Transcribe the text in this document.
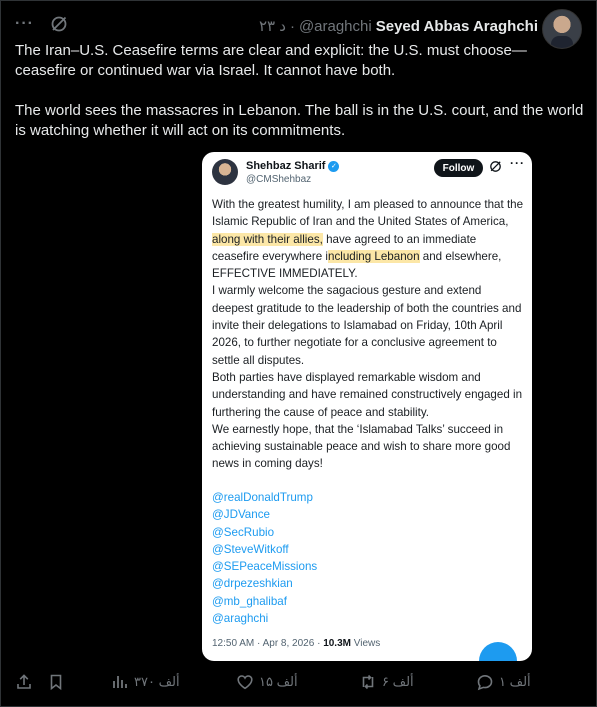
···	۲۳ د · @araghchi Seyed Abbas Araghchi

The Iran–U.S. Ceasefire terms are clear and explicit: the U.S. must choose—ceasefire or continued war via Israel. It cannot have both.

The world sees the massacres in Lebanon. The ball is in the U.S. court, and the world is watching whether it will act on its commitments.

Shehbaz Sharif ✓
@CMShehbaz
Follow	···

With the greatest humility, I am pleased to announce that the Islamic Republic of Iran and the United States of America, along with their allies, have agreed to an immediate ceasefire everywhere including Lebanon and elsewhere, EFFECTIVE IMMEDIATELY.

I warmly welcome the sagacious gesture and extend deepest gratitude to the leadership of both the countries and invite their delegations to Islamabad on Friday, 10th April 2026, to further negotiate for a conclusive agreement to settle all disputes.

Both parties have displayed remarkable wisdom and understanding and have remained constructively engaged in furthering the cause of peace and stability.

We earnestly hope, that the ‘Islamabad Talks’ succeed in achieving sustainable peace and wish to share more good news in coming days!

@realDonaldTrump
@JDVance
@SecRubio
@SteveWitkoff
@SEPeaceMissions
@drpezeshkian
@mb_ghalibaf
@araghchi
12:50 AM · Apr 8, 2026 · 10.3M Views
۳۷۰ ألف	۱۵ ألف	۶ ألف	۱ ألف
